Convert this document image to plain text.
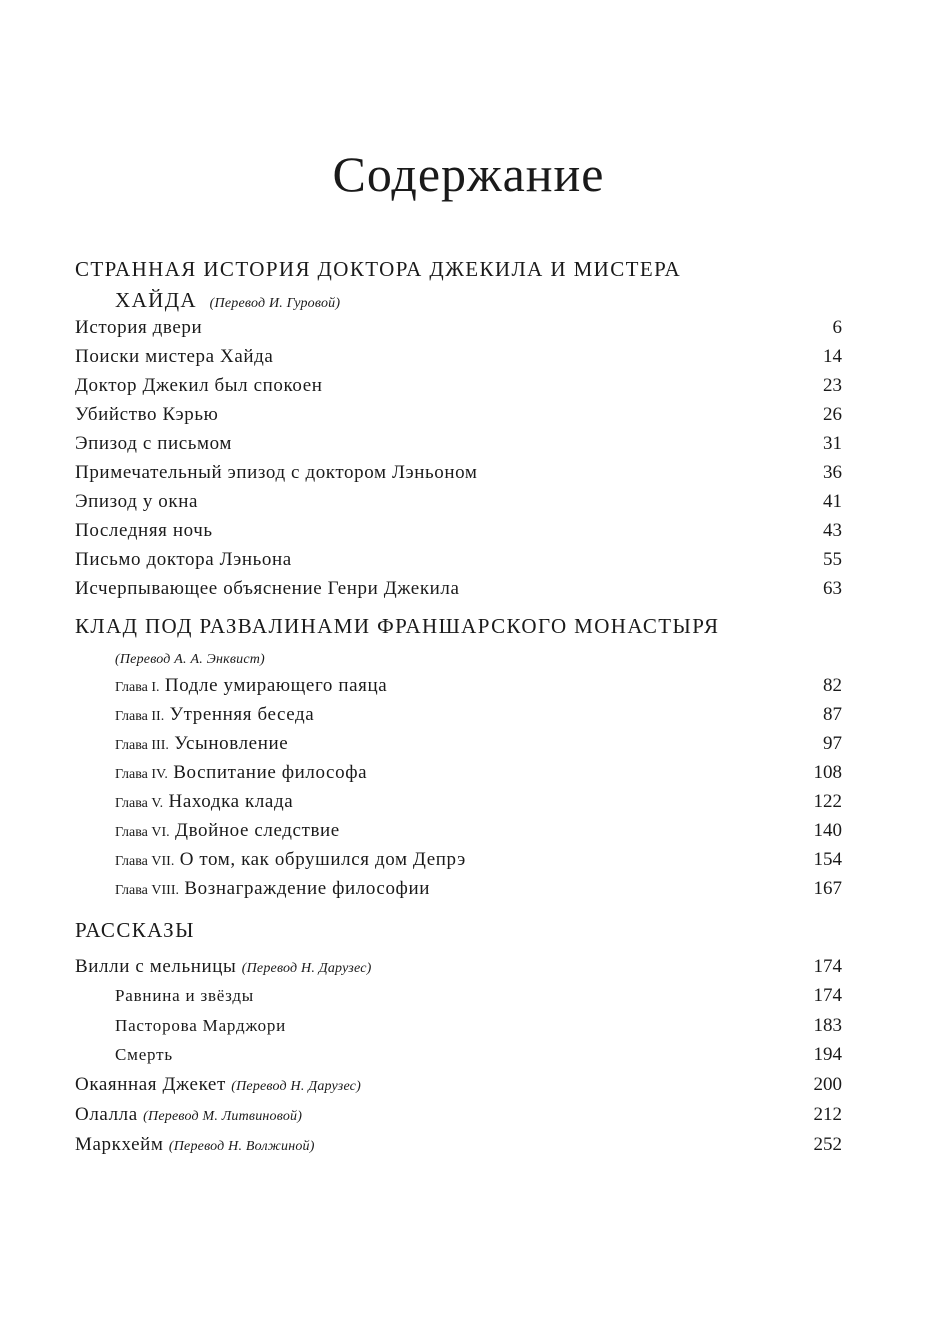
Содержание
СТРАННАЯ ИСТОРИЯ ДОКТОРА ДЖЕКИЛА И МИСТЕРА
ХАЙДА (Перевод И. Гуровой)
История двери	6
Поиски мистера Хайда	14
Доктор Джекил был спокоен	23
Убийство Кэрью	26
Эпизод с письмом	31
Примечательный эпизод с доктором Лэньоном	36
Эпизод у окна	41
Последняя ночь	43
Письмо доктора Лэньона	55
Исчерпывающее объяснение Генри Джекила	63
КЛАД ПОД РАЗВАЛИНАМИ ФРАНШАРСКОГО МОНАСТЫРЯ
(Перевод А. А. Энквист)
Глава I. Подле умирающего паяца	82
Глава II. Утренняя беседа	87
Глава III. Усыновление	97
Глава IV. Воспитание философа	108
Глава V. Находка клада	122
Глава VI. Двойное следствие	140
Глава VII. О том, как обрушился дом Депрэ	154
Глава VIII. Вознаграждение философии	167
РАССКАЗЫ
Вилли с мельницы (Перевод Н. Дарузес)	174
Равнина и звёзды	174
Пасторова Марджори	183
Смерть	194
Окаянная Джекет (Перевод Н. Дарузес)	200
Олалла (Перевод М. Литвиновой)	212
Маркхейм (Перевод Н. Волжиной)	252
